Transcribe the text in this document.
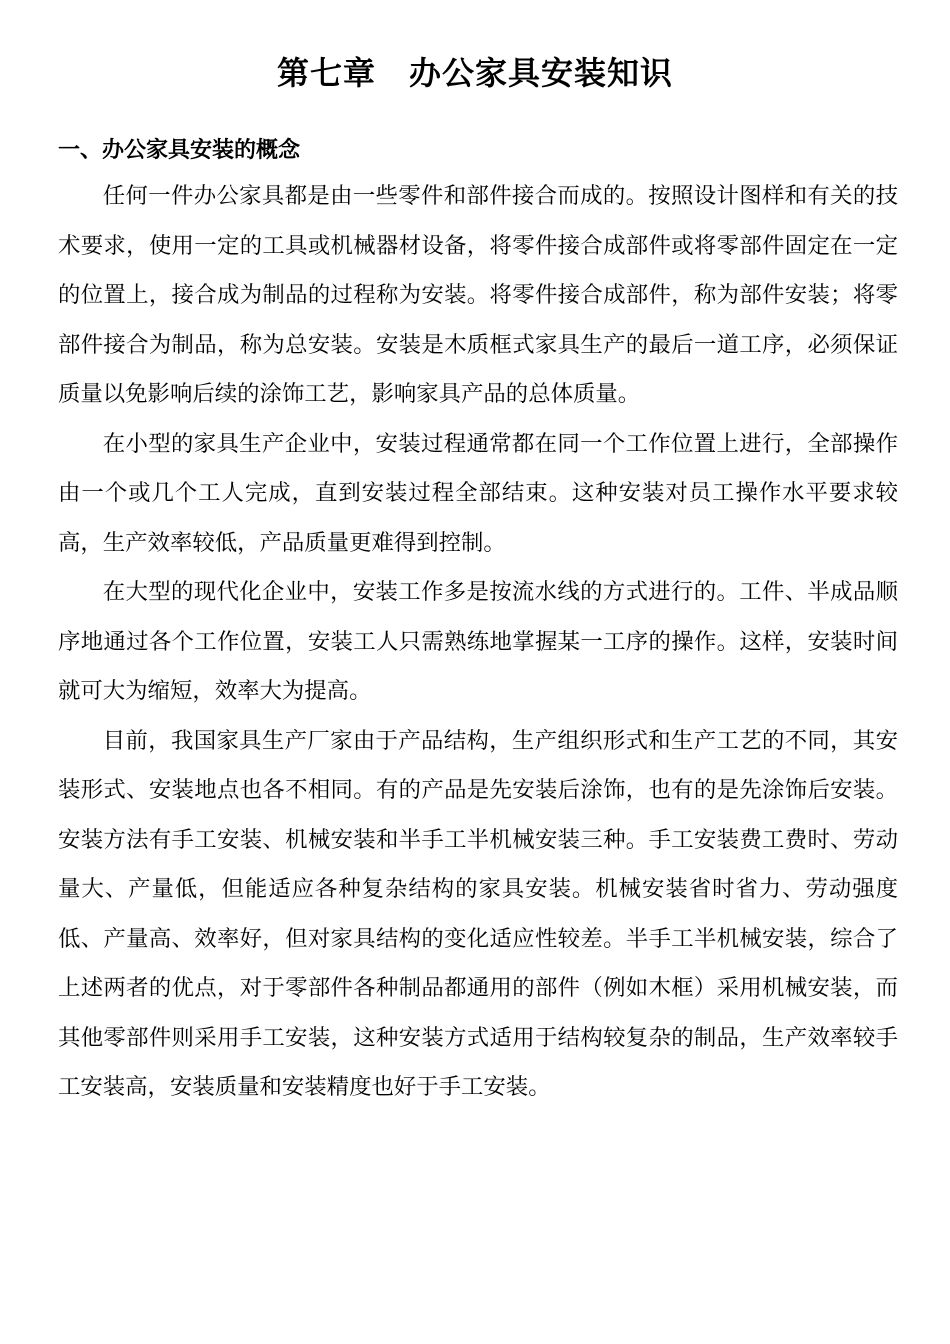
第七章　办公家具安装知识
一、办公家具安装的概念

任何一件办公家具都是由一些零件和部件接合而成的。按照设计图样和有关的技术要求，使用一定的工具或机械器材设备，将零件接合成部件或将零部件固定在一定的位置上，接合成为制品的过程称为安装。将零件接合成部件，称为部件安装；将零部件接合为制品，称为总安装。安装是木质框式家具生产的最后一道工序，必须保证质量以免影响后续的涂饰工艺，影响家具产品的总体质量。

在小型的家具生产企业中，安装过程通常都在同一个工作位置上进行，全部操作由一个或几个工人完成，直到安装过程全部结束。这种安装对员工操作水平要求较高，生产效率较低，产品质量更难得到控制。

在大型的现代化企业中，安装工作多是按流水线的方式进行的。工件、半成品顺序地通过各个工作位置，安装工人只需熟练地掌握某一工序的操作。这样，安装时间就可大为缩短，效率大为提高。

目前，我国家具生产厂家由于产品结构，生产组织形式和生产工艺的不同，其安装形式、安装地点也各不相同。有的产品是先安装后涂饰，也有的是先涂饰后安装。安装方法有手工安装、机械安装和半手工半机械安装三种。手工安装费工费时、劳动量大、产量低，但能适应各种复杂结构的家具安装。机械安装省时省力、劳动强度低、产量高、效率好，但对家具结构的变化适应性较差。半手工半机械安装，综合了上述两者的优点，对于零部件各种制品都通用的部件（例如木框）采用机械安装，而其他零部件则采用手工安装，这种安装方式适用于结构较复杂的制品，生产效率较手工安装高，安装质量和安装精度也好于手工安装。
